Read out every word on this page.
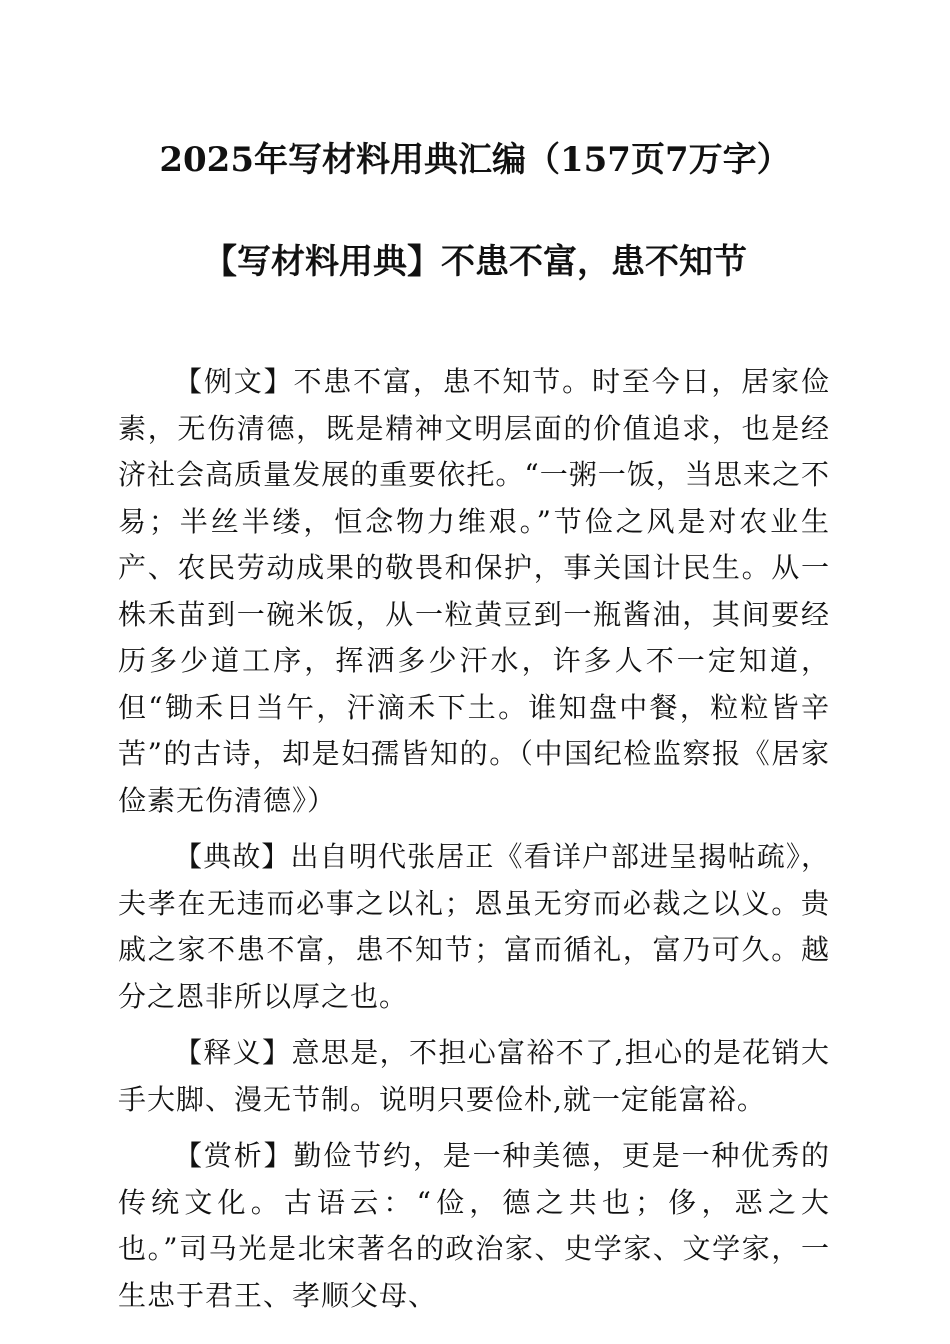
2025年写材料用典汇编（157页7万字）
【写材料用典】不患不富，患不知节

【例文】不患不富，患不知节。时至今日，居家俭素，无伤清德，既是精神文明层面的价值追求，也是经济社会高质量发展的重要依托。“一粥一饭，当思来之不易；半丝半缕，恒念物力维艰。”节俭之风是对农业生产、农民劳动成果的敬畏和保护，事关国计民生。从一株禾苗到一碗米饭，从一粒黄豆到一瓶酱油，其间要经历多少道工序，挥洒多少汗水，许多人不一定知道，但“锄禾日当午，汗滴禾下土。谁知盘中餐，粒粒皆辛苦”的古诗，却是妇孺皆知的。（中国纪检监察报《居家俭素无伤清德》）

【典故】出自明代张居正《看详户部进呈揭帖疏》，夫孝在无违而必事之以礼；恩虽无穷而必裁之以义。贵戚之家不患不富，患不知节；富而循礼，富乃可久。越分之恩非所以厚之也。

【释义】意思是，不担心富裕不了,担心的是花销大手大脚、漫无节制。说明只要俭朴,就一定能富裕。

【赏析】勤俭节约，是一种美德，更是一种优秀的传统文化。古语云：“俭，德之共也；侈，恶之大也。”司马光是北宋著名的政治家、史学家、文学家，一生忠于君王、孝顺父母、
